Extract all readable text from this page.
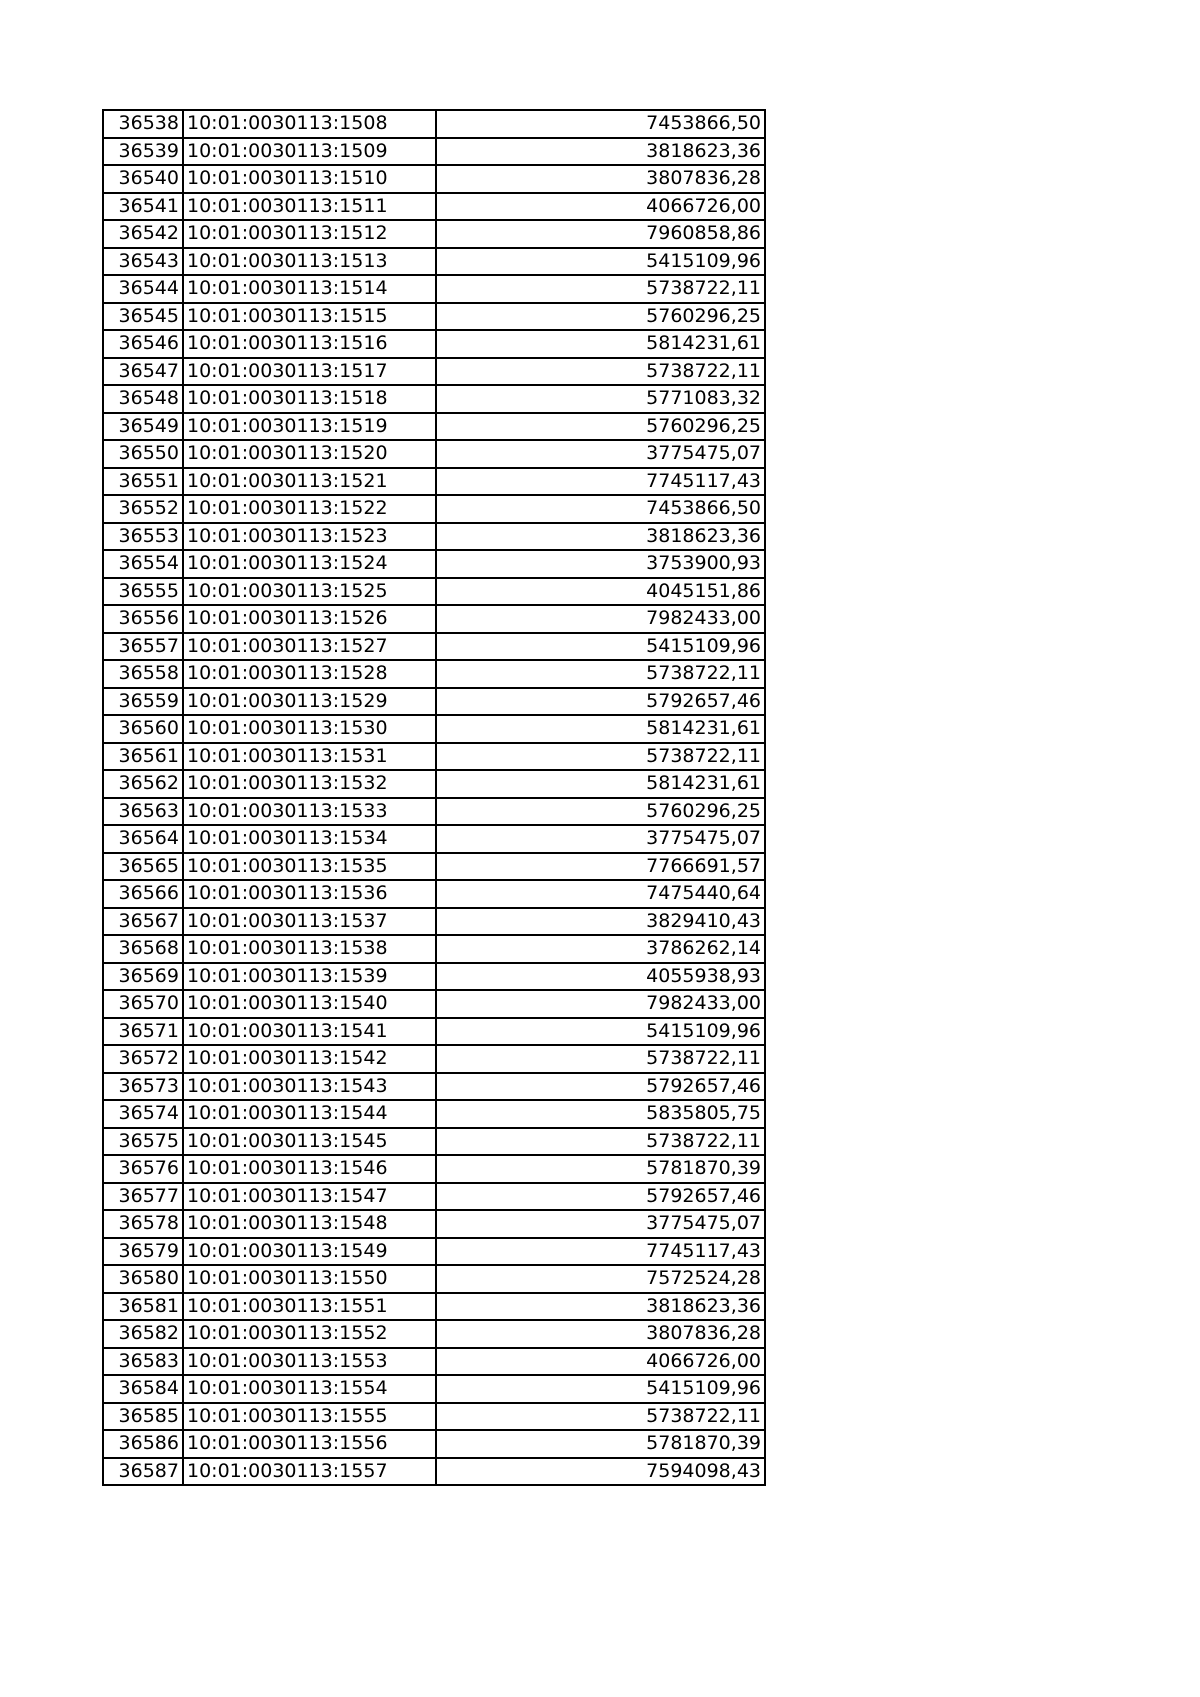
36538	10:01:0030113:1508	7453866,50
36539	10:01:0030113:1509	3818623,36
36540	10:01:0030113:1510	3807836,28
36541	10:01:0030113:1511	4066726,00
36542	10:01:0030113:1512	7960858,86
36543	10:01:0030113:1513	5415109,96
36544	10:01:0030113:1514	5738722,11
36545	10:01:0030113:1515	5760296,25
36546	10:01:0030113:1516	5814231,61
36547	10:01:0030113:1517	5738722,11
36548	10:01:0030113:1518	5771083,32
36549	10:01:0030113:1519	5760296,25
36550	10:01:0030113:1520	3775475,07
36551	10:01:0030113:1521	7745117,43
36552	10:01:0030113:1522	7453866,50
36553	10:01:0030113:1523	3818623,36
36554	10:01:0030113:1524	3753900,93
36555	10:01:0030113:1525	4045151,86
36556	10:01:0030113:1526	7982433,00
36557	10:01:0030113:1527	5415109,96
36558	10:01:0030113:1528	5738722,11
36559	10:01:0030113:1529	5792657,46
36560	10:01:0030113:1530	5814231,61
36561	10:01:0030113:1531	5738722,11
36562	10:01:0030113:1532	5814231,61
36563	10:01:0030113:1533	5760296,25
36564	10:01:0030113:1534	3775475,07
36565	10:01:0030113:1535	7766691,57
36566	10:01:0030113:1536	7475440,64
36567	10:01:0030113:1537	3829410,43
36568	10:01:0030113:1538	3786262,14
36569	10:01:0030113:1539	4055938,93
36570	10:01:0030113:1540	7982433,00
36571	10:01:0030113:1541	5415109,96
36572	10:01:0030113:1542	5738722,11
36573	10:01:0030113:1543	5792657,46
36574	10:01:0030113:1544	5835805,75
36575	10:01:0030113:1545	5738722,11
36576	10:01:0030113:1546	5781870,39
36577	10:01:0030113:1547	5792657,46
36578	10:01:0030113:1548	3775475,07
36579	10:01:0030113:1549	7745117,43
36580	10:01:0030113:1550	7572524,28
36581	10:01:0030113:1551	3818623,36
36582	10:01:0030113:1552	3807836,28
36583	10:01:0030113:1553	4066726,00
36584	10:01:0030113:1554	5415109,96
36585	10:01:0030113:1555	5738722,11
36586	10:01:0030113:1556	5781870,39
36587	10:01:0030113:1557	7594098,43
